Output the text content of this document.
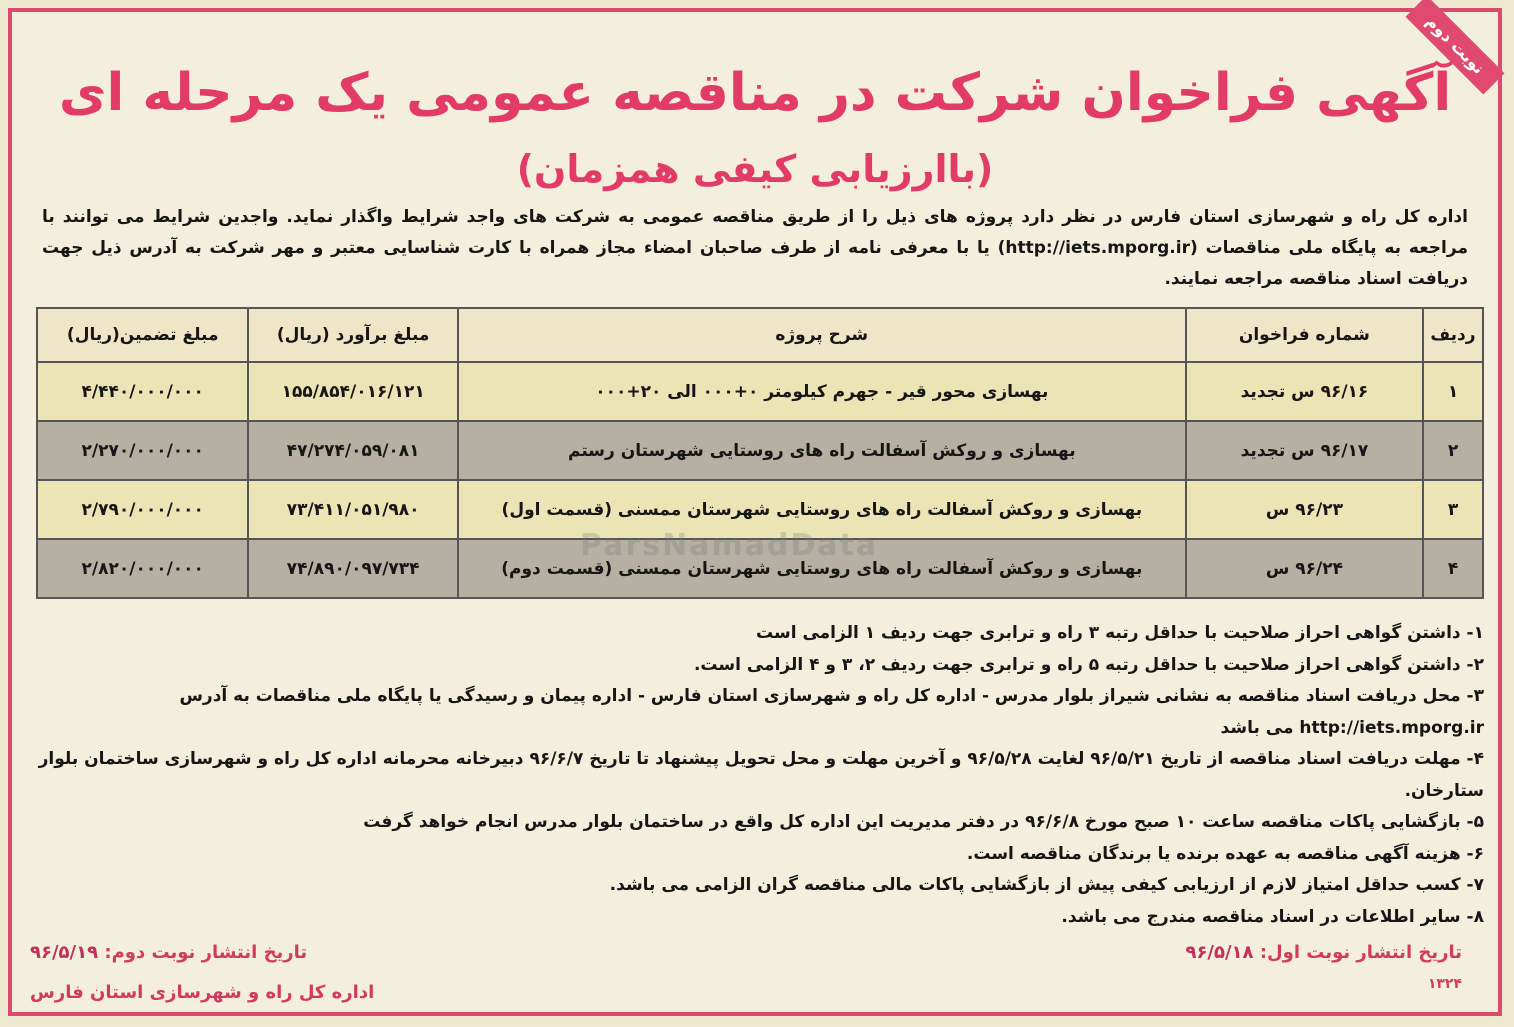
نوبت دوم
آگهی فراخوان شرکت در مناقصه عمومی یک مرحله ای
(باارزیابی کیفی همزمان)
اداره کل راه و شهرسازی استان فارس در نظر دارد پروژه های ذیل را از طریق مناقصه عمومی به شرکت های واجد شرایط واگذار نماید. واجدین شرایط می توانند با مراجعه به پایگاه ملی مناقصات (http://iets.mporg.ir) یا با معرفی نامه از طرف صاحبان امضاء مجاز همراه با کارت شناسایی معتبر و مهر شرکت به آدرس ذیل جهت دریافت اسناد مناقصه مراجعه نمایند.
ردیف
شماره فراخوان
شرح پروژه
مبلغ برآورد (ریال)
مبلغ تضمین(ریال)
۱
۹۶/۱۶ س تجدید
بهسازی محور قیر - جهرم کیلومتر ۰+۰۰۰ الی ۲۰+۰۰۰
۱۵۵/۸۵۴/۰۱۶/۱۲۱
۴/۴۴۰/۰۰۰/۰۰۰
۲
۹۶/۱۷ س تجدید
بهسازی و روکش آسفالت راه های روستایی شهرستان رستم
۴۷/۲۷۴/۰۵۹/۰۸۱
۲/۲۷۰/۰۰۰/۰۰۰
۳
۹۶/۲۳ س
بهسازی و روکش آسفالت راه های روستایی شهرستان ممسنی (قسمت اول)
۷۳/۴۱۱/۰۵۱/۹۸۰
۲/۷۹۰/۰۰۰/۰۰۰
۴
۹۶/۲۴ س
بهسازی و روکش آسفالت راه های روستایی شهرستان ممسنی (قسمت دوم)
۷۴/۸۹۰/۰۹۷/۷۳۴
۲/۸۲۰/۰۰۰/۰۰۰
ParsNamadData
۱- داشتن گواهی احراز صلاحیت با حداقل رتبه ۳ راه و ترابری جهت ردیف ۱ الزامی است
۲- داشتن گواهی احراز صلاحیت با حداقل رتبه ۵ راه و ترابری جهت ردیف ۲، ۳ و ۴ الزامی است.
۳- محل دریافت اسناد مناقصه به نشانی شیراز بلوار مدرس - اداره کل راه و شهرسازی استان فارس - اداره پیمان و رسیدگی یا پایگاه ملی مناقصات به آدرس http://iets.mporg.ir می باشد
۴- مهلت دریافت اسناد مناقصه از تاریخ ۹۶/۵/۲۱ لغایت ۹۶/۵/۲۸ و آخرین مهلت و محل تحویل پیشنهاد تا تاریخ ۹۶/۶/۷ دبیرخانه محرمانه اداره کل راه و شهرسازی ساختمان بلوار ستارخان.
۵- بازگشایی پاکات مناقصه ساعت ۱۰ صبح مورخ ۹۶/۶/۸ در دفتر مدیریت این اداره کل واقع در ساختمان بلوار مدرس انجام خواهد گرفت
۶- هزینه آگهی مناقصه به عهده برنده یا برندگان مناقصه است.
۷- کسب حداقل امتیاز لازم از ارزیابی کیفی پیش از بازگشایی پاکات مالی مناقصه گران الزامی می باشد.
۸- سایر اطلاعات در اسناد مناقصه مندرج می باشد.
تاریخ انتشار نوبت اول: ۹۶/۵/۱۸
تاریخ انتشار نوبت دوم: ۹۶/۵/۱۹
اداره کل راه و شهرسازی استان فارس	۱۳۲۴
